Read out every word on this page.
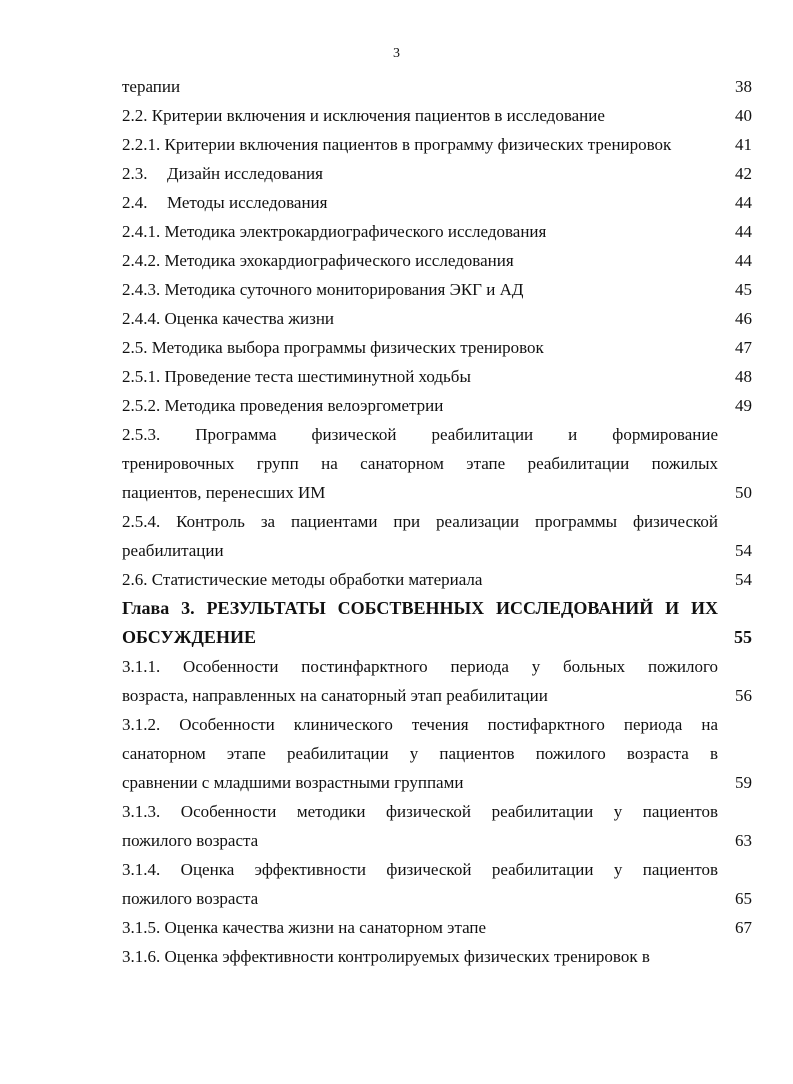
3
терапии	38
2.2. Критерии включения и исключения пациентов в исследование	40
2.2.1. Критерии включения пациентов в программу физических тренировок	41
2.3. Дизайн исследования	42
2.4. Методы исследования	44
2.4.1. Методика электрокардиографического исследования	44
2.4.2. Методика эхокардиографического исследования	44
2.4.3. Методика суточного мониторирования ЭКГ и АД	45
2.4.4. Оценка качества жизни	46
2.5. Методика выбора программы физических тренировок	47
2.5.1. Проведение теста шестиминутной ходьбы	48
2.5.2. Методика проведения велоэргометрии	49
2.5.3. Программа физической реабилитации и формирование
тренировочных групп на санаторном этапе реабилитации пожилых
пациентов, перенесших ИМ	50
2.5.4. Контроль за пациентами при реализации программы физической
реабилитации	54
2.6. Статистические методы обработки материала	54
Глава 3. РЕЗУЛЬТАТЫ СОБСТВЕННЫХ ИССЛЕДОВАНИЙ И ИХ
ОБСУЖДЕНИЕ	55
3.1.1. Особенности постинфарктного периода у больных пожилого
возраста, направленных на санаторный этап реабилитации	56
3.1.2. Особенности клинического течения постифарктного периода на
санаторном этапе реабилитации у пациентов пожилого возраста в
сравнении с младшими возрастными группами	59
3.1.3. Особенности методики физической реабилитации у пациентов
пожилого возраста	63
3.1.4. Оценка эффективности физической реабилитации у пациентов
пожилого возраста	65
3.1.5. Оценка качества жизни на санаторном этапе	67
3.1.6. Оценка эффективности контролируемых физических тренировок в
